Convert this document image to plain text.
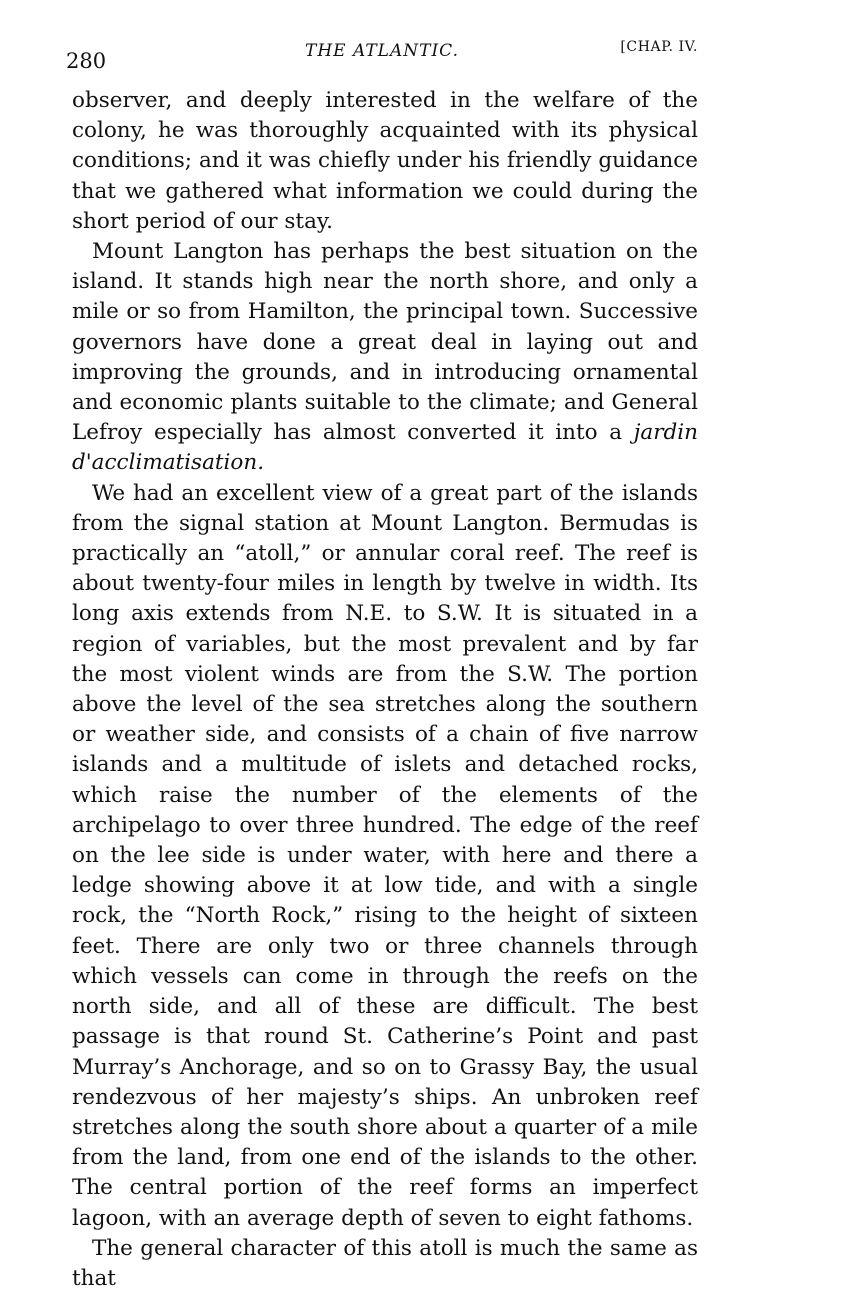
280	THE ATLANTIC.	[CHAP. IV.

observer, and deeply interested in the welfare of the colony, he was thoroughly acquainted with its physical conditions; and it was chiefly under his friendly guidance that we gathered what information we could during the short period of our stay.

Mount Langton has perhaps the best situation on the island. It stands high near the north shore, and only a mile or so from Hamilton, the principal town. Successive governors have done a great deal in laying out and improving the grounds, and in introducing ornamental and economic plants suitable to the climate; and General Lefroy especially has almost converted it into a jardin d'acclimatisation.

We had an excellent view of a great part of the islands from the signal station at Mount Langton. Bermudas is practically an “atoll,” or annular coral reef. The reef is about twenty-four miles in length by twelve in width. Its long axis extends from N.E. to S.W. It is situated in a region of variables, but the most prevalent and by far the most violent winds are from the S.W. The portion above the level of the sea stretches along the southern or weather side, and consists of a chain of five narrow islands and a multitude of islets and detached rocks, which raise the number of the elements of the archipelago to over three hundred. The edge of the reef on the lee side is under water, with here and there a ledge showing above it at low tide, and with a single rock, the “North Rock,” rising to the height of sixteen feet. There are only two or three channels through which vessels can come in through the reefs on the north side, and all of these are difficult. The best passage is that round St. Catherine’s Point and past Murray’s Anchorage, and so on to Grassy Bay, the usual rendezvous of her majesty’s ships. An unbroken reef stretches along the south shore about a quarter of a mile from the land, from one end of the islands to the other. The central portion of the reef forms an imperfect lagoon, with an average depth of seven to eight fathoms.

The general character of this atoll is much the same as that
